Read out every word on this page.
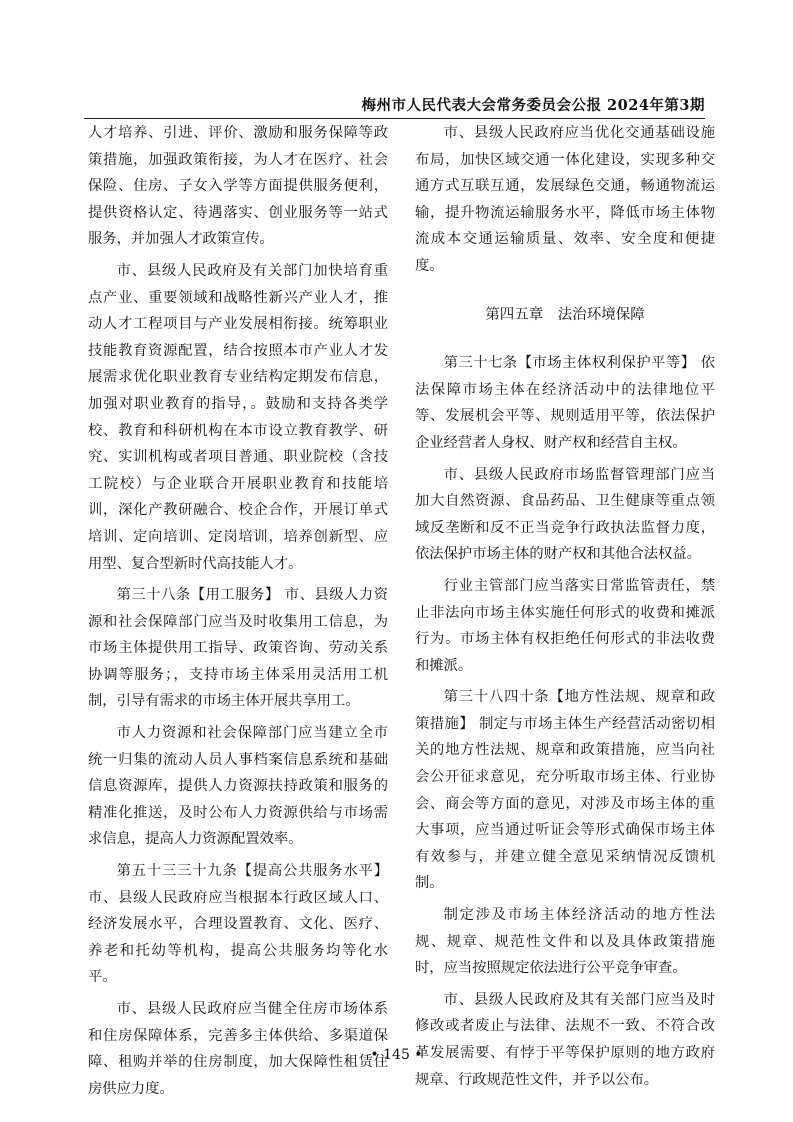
梅州市人民代表大会常务委员会公报 2024年第3期

人才培养、引进、评价、激励和服务保障等政策措施，加强政策衔接，为人才在医疗、社会保险、住房、子女入学等方面提供服务便利，提供资格认定、待遇落实、创业服务等一站式服务，并加强人才政策宣传。

市、县级人民政府及有关部门加快培育重点产业、重要领域和战略性新兴产业人才，推动人才工程项目与产业发展相衔接。统筹职业技能教育资源配置，结合按照本市产业人才发展需求优化职业教育专业结构定期发布信息，加强对职业教育的指导，。鼓励和支持各类学校、教育和科研机构在本市设立教育教学、研究、实训机构或者项目普通、职业院校（含技工院校）与企业联合开展职业教育和技能培训，深化产教研融合、校企合作，开展订单式培训、定向培训、定岗培训，培养创新型、应用型、复合型新时代高技能人才。

第三十八条【用工服务】 市、县级人力资源和社会保障部门应当及时收集用工信息，为市场主体提供用工指导、政策咨询、劳动关系协调等服务；，支持市场主体采用灵活用工机制，引导有需求的市场主体开展共享用工。

市人力资源和社会保障部门应当建立全市统一归集的流动人员人事档案信息系统和基础信息资源库，提供人力资源扶持政策和服务的精准化推送，及时公布人力资源供给与市场需求信息，提高人力资源配置效率。

第五十三三十九条【提高公共服务水平】 市、县级人民政府应当根据本行政区域人口、经济发展水平，合理设置教育、文化、医疗、养老和托幼等机构，提高公共服务均等化水平。

市、县级人民政府应当健全住房市场体系和住房保障体系，完善多主体供给、多渠道保障、租购并举的住房制度，加大保障性租赁住房供应力度。

市、县级人民政府应当优化交通基础设施布局，加快区域交通一体化建设，实现多种交通方式互联互通，发展绿色交通，畅通物流运输，提升物流运输服务水平，降低市场主体物流成本交通运输质量、效率、安全度和便捷度。

第四五章　法治环境保障

第三十七条【市场主体权利保护平等】 依法保障市场主体在经济活动中的法律地位平等、发展机会平等、规则适用平等，依法保护企业经营者人身权、财产权和经营自主权。

市、县级人民政府市场监督管理部门应当加大自然资源、食品药品、卫生健康等重点领域反垄断和反不正当竞争行政执法监督力度，依法保护市场主体的财产权和其他合法权益。

行业主管部门应当落实日常监管责任，禁止非法向市场主体实施任何形式的收费和摊派行为。市场主体有权拒绝任何形式的非法收费和摊派。

第三十八四十条【地方性法规、规章和政策措施】 制定与市场主体生产经营活动密切相关的地方性法规、规章和政策措施，应当向社会公开征求意见，充分听取市场主体、行业协会、商会等方面的意见，对涉及市场主体的重大事项，应当通过听证会等形式确保市场主体有效参与，并建立健全意见采纳情况反馈机制。

制定涉及市场主体经济活动的地方性法规、规章、规范性文件和以及具体政策措施时，应当按照规定依法进行公平竞争审查。

市、县级人民政府及其有关部门应当及时修改或者废止与法律、法规不一致、不符合改革发展需要、有悖于平等保护原则的地方政府规章、行政规范性文件，并予以公布。

• 145 •
